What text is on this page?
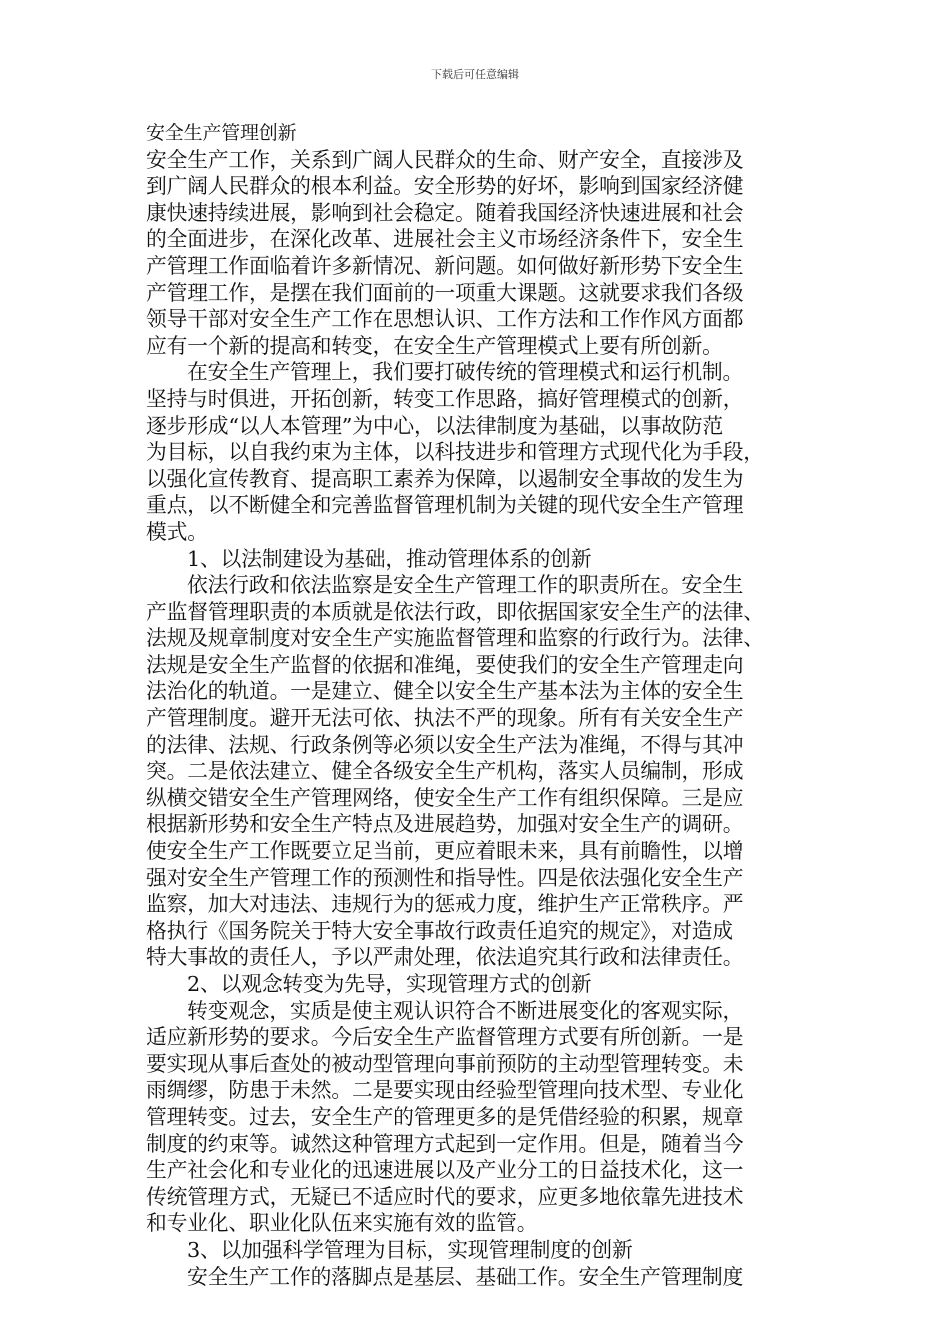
下载后可任意编辑
安全生产管理创新
安全生产工作，关系到广阔人民群众的生命、财产安全，直接涉及
到广阔人民群众的根本利益。安全形势的好坏，影响到国家经济健
康快速持续进展，影响到社会稳定。随着我国经济快速进展和社会
的全面进步，在深化改革、进展社会主义市场经济条件下，安全生
产管理工作面临着许多新情况、新问题。如何做好新形势下安全生
产管理工作，是摆在我们面前的一项重大课题。这就要求我们各级
领导干部对安全生产工作在思想认识、工作方法和工作作风方面都
应有一个新的提高和转变，在安全生产管理模式上要有所创新。
在安全生产管理上，我们要打破传统的管理模式和运行机制。
坚持与时俱进，开拓创新，转变工作思路，搞好管理模式的创新，
逐步形成“以人本管理”为中心，以法律制度为基础，以事故防范
为目标，以自我约束为主体，以科技进步和管理方式现代化为手段，
以强化宣传教育、提高职工素养为保障，以遏制安全事故的发生为
重点，以不断健全和完善监督管理机制为关键的现代安全生产管理
模式。
1、以法制建设为基础，推动管理体系的创新
依法行政和依法监察是安全生产管理工作的职责所在。安全生
产监督管理职责的本质就是依法行政，即依据国家安全生产的法律、
法规及规章制度对安全生产实施监督管理和监察的行政行为。法律、
法规是安全生产监督的依据和准绳，要使我们的安全生产管理走向
法治化的轨道。一是建立、健全以安全生产基本法为主体的安全生
产管理制度。避开无法可依、执法不严的现象。所有有关安全生产
的法律、法规、行政条例等必须以安全生产法为准绳，不得与其冲
突。二是依法建立、健全各级安全生产机构，落实人员编制，形成
纵横交错安全生产管理网络，使安全生产工作有组织保障。三是应
根据新形势和安全生产特点及进展趋势，加强对安全生产的调研。
使安全生产工作既要立足当前，更应着眼未来，具有前瞻性，以增
强对安全生产管理工作的预测性和指导性。四是依法强化安全生产
监察，加大对违法、违规行为的惩戒力度，维护生产正常秩序。严
格执行《国务院关于特大安全事故行政责任追究的规定》，对造成
特大事故的责任人，予以严肃处理，依法追究其行政和法律责任。
2、以观念转变为先导，实现管理方式的创新
转变观念，实质是使主观认识符合不断进展变化的客观实际，
适应新形势的要求。今后安全生产监督管理方式要有所创新。一是
要实现从事后查处的被动型管理向事前预防的主动型管理转变。未
雨绸缪，防患于未然。二是要实现由经验型管理向技术型、专业化
管理转变。过去，安全生产的管理更多的是凭借经验的积累，规章
制度的约束等。诚然这种管理方式起到一定作用。但是，随着当今
生产社会化和专业化的迅速进展以及产业分工的日益技术化，这一
传统管理方式，无疑已不适应时代的要求，应更多地依靠先进技术
和专业化、职业化队伍来实施有效的监管。
3、以加强科学管理为目标，实现管理制度的创新
安全生产工作的落脚点是基层、基础工作。安全生产管理制度
